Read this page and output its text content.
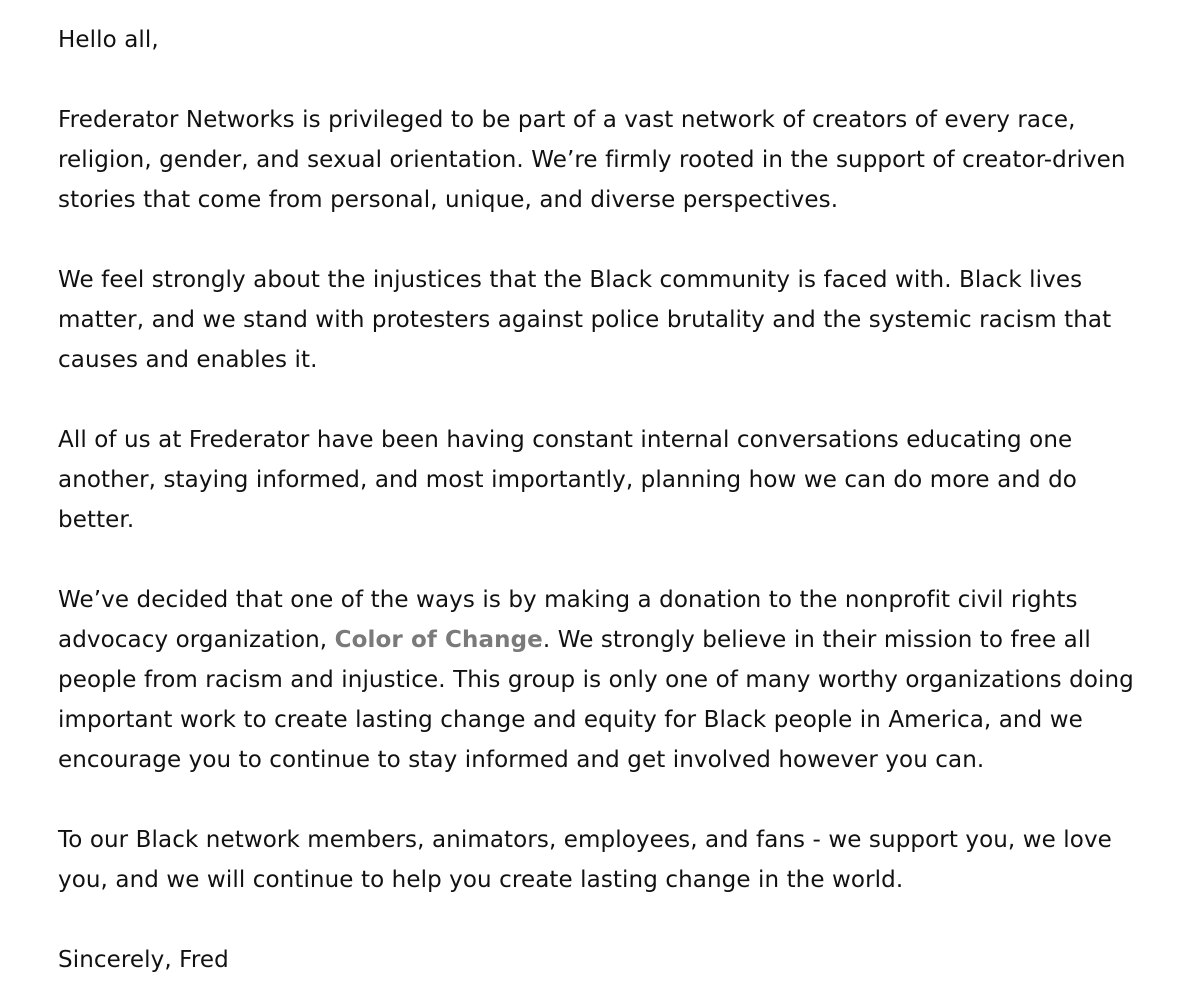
Hello all,

Frederator Networks is privileged to be part of a vast network of creators of every race, religion, gender, and sexual orientation. We’re firmly rooted in the support of creator-driven stories that come from personal, unique, and diverse perspectives.

We feel strongly about the injustices that the Black community is faced with. Black lives matter, and we stand with protesters against police brutality and the systemic racism that causes and enables it.

All of us at Frederator have been having constant internal conversations educating one another, staying informed, and most importantly, planning how we can do more and do better.

We’ve decided that one of the ways is by making a donation to the nonprofit civil rights advocacy organization, Color of Change. We strongly believe in their mission to free all people from racism and injustice. This group is only one of many worthy organizations doing important work to create lasting change and equity for Black people in America, and we encourage you to continue to stay informed and get involved however you can.

To our Black network members, animators, employees, and fans - we support you, we love you, and we will continue to help you create lasting change in the world.

Sincerely, Fred
